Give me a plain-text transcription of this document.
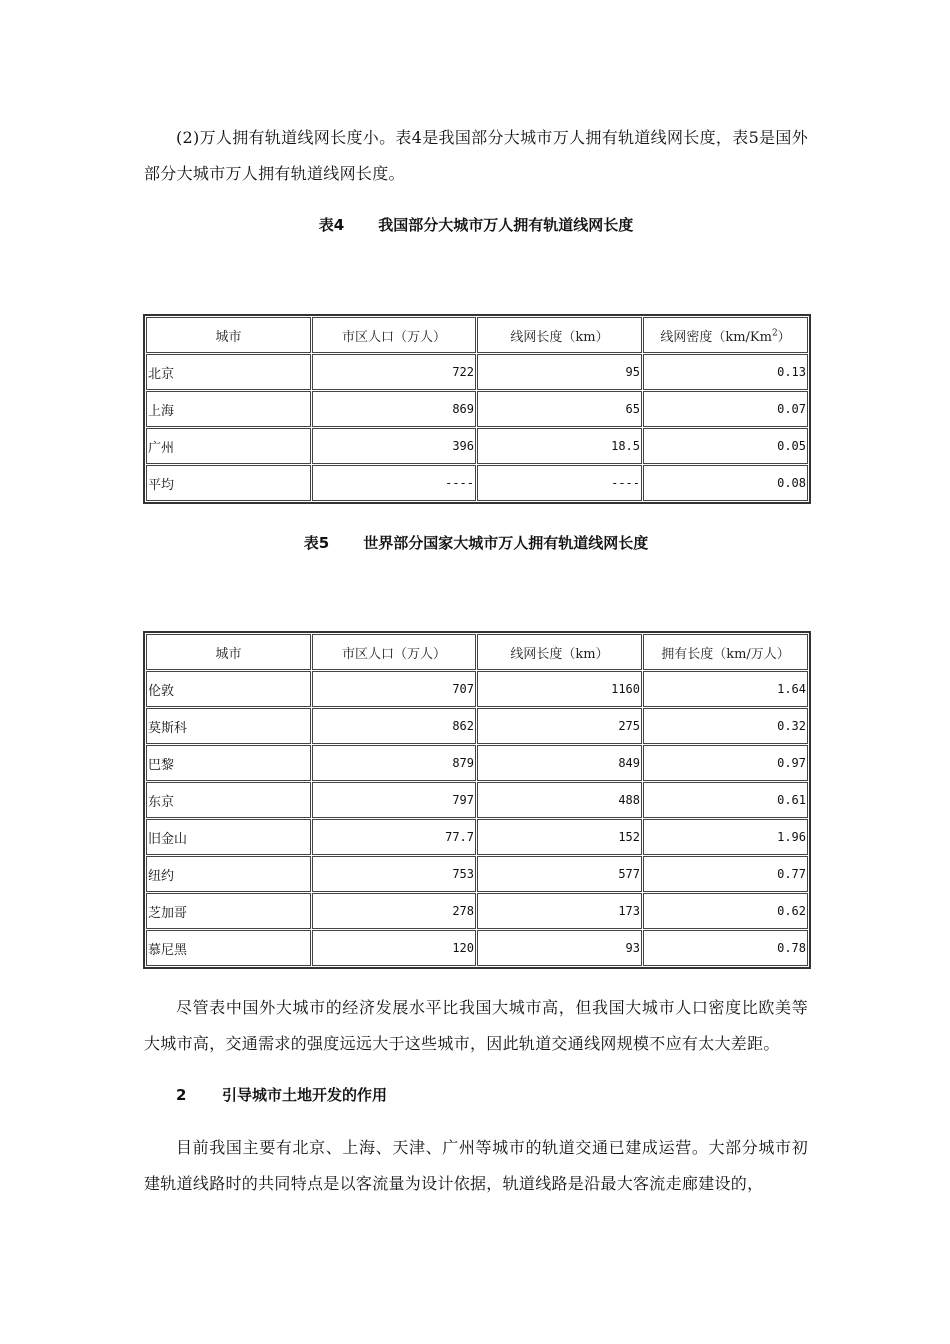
(2)万人拥有轨道线网长度小。表4是我国部分大城市万人拥有轨道线网长度，表5是国外部分大城市万人拥有轨道线网长度。

表4 我国部分大城市万人拥有轨道线网长度

城市	市区人口（万人）	线网长度（km）	线网密度（km/Km$^2$）
北京	722	95	0.13
上海	869	65	0.07
广州	396	18.5	0.05
平均	----	----	0.08

表5 世界部分国家大城市万人拥有轨道线网长度

城市	市区人口（万人）	线网长度（km）	拥有长度（km/万人）
伦敦	707	1160	1.64
莫斯科	862	275	0.32
巴黎	879	849	0.97
东京	797	488	0.61
旧金山	77.7	152	1.96
纽约	753	577	0.77
芝加哥	278	173	0.62
慕尼黑	120	93	0.78

尽管表中国外大城市的经济发展水平比我国大城市高，但我国大城市人口密度比欧美等大城市高，交通需求的强度远远大于这些城市，因此轨道交通线网规模不应有太大差距。

2 引导城市土地开发的作用

目前我国主要有北京、上海、天津、广州等城市的轨道交通已建成运营。大部分城市初建轨道线路时的共同特点是以客流量为设计依据，轨道线路是沿最大客流走廊建设的，
